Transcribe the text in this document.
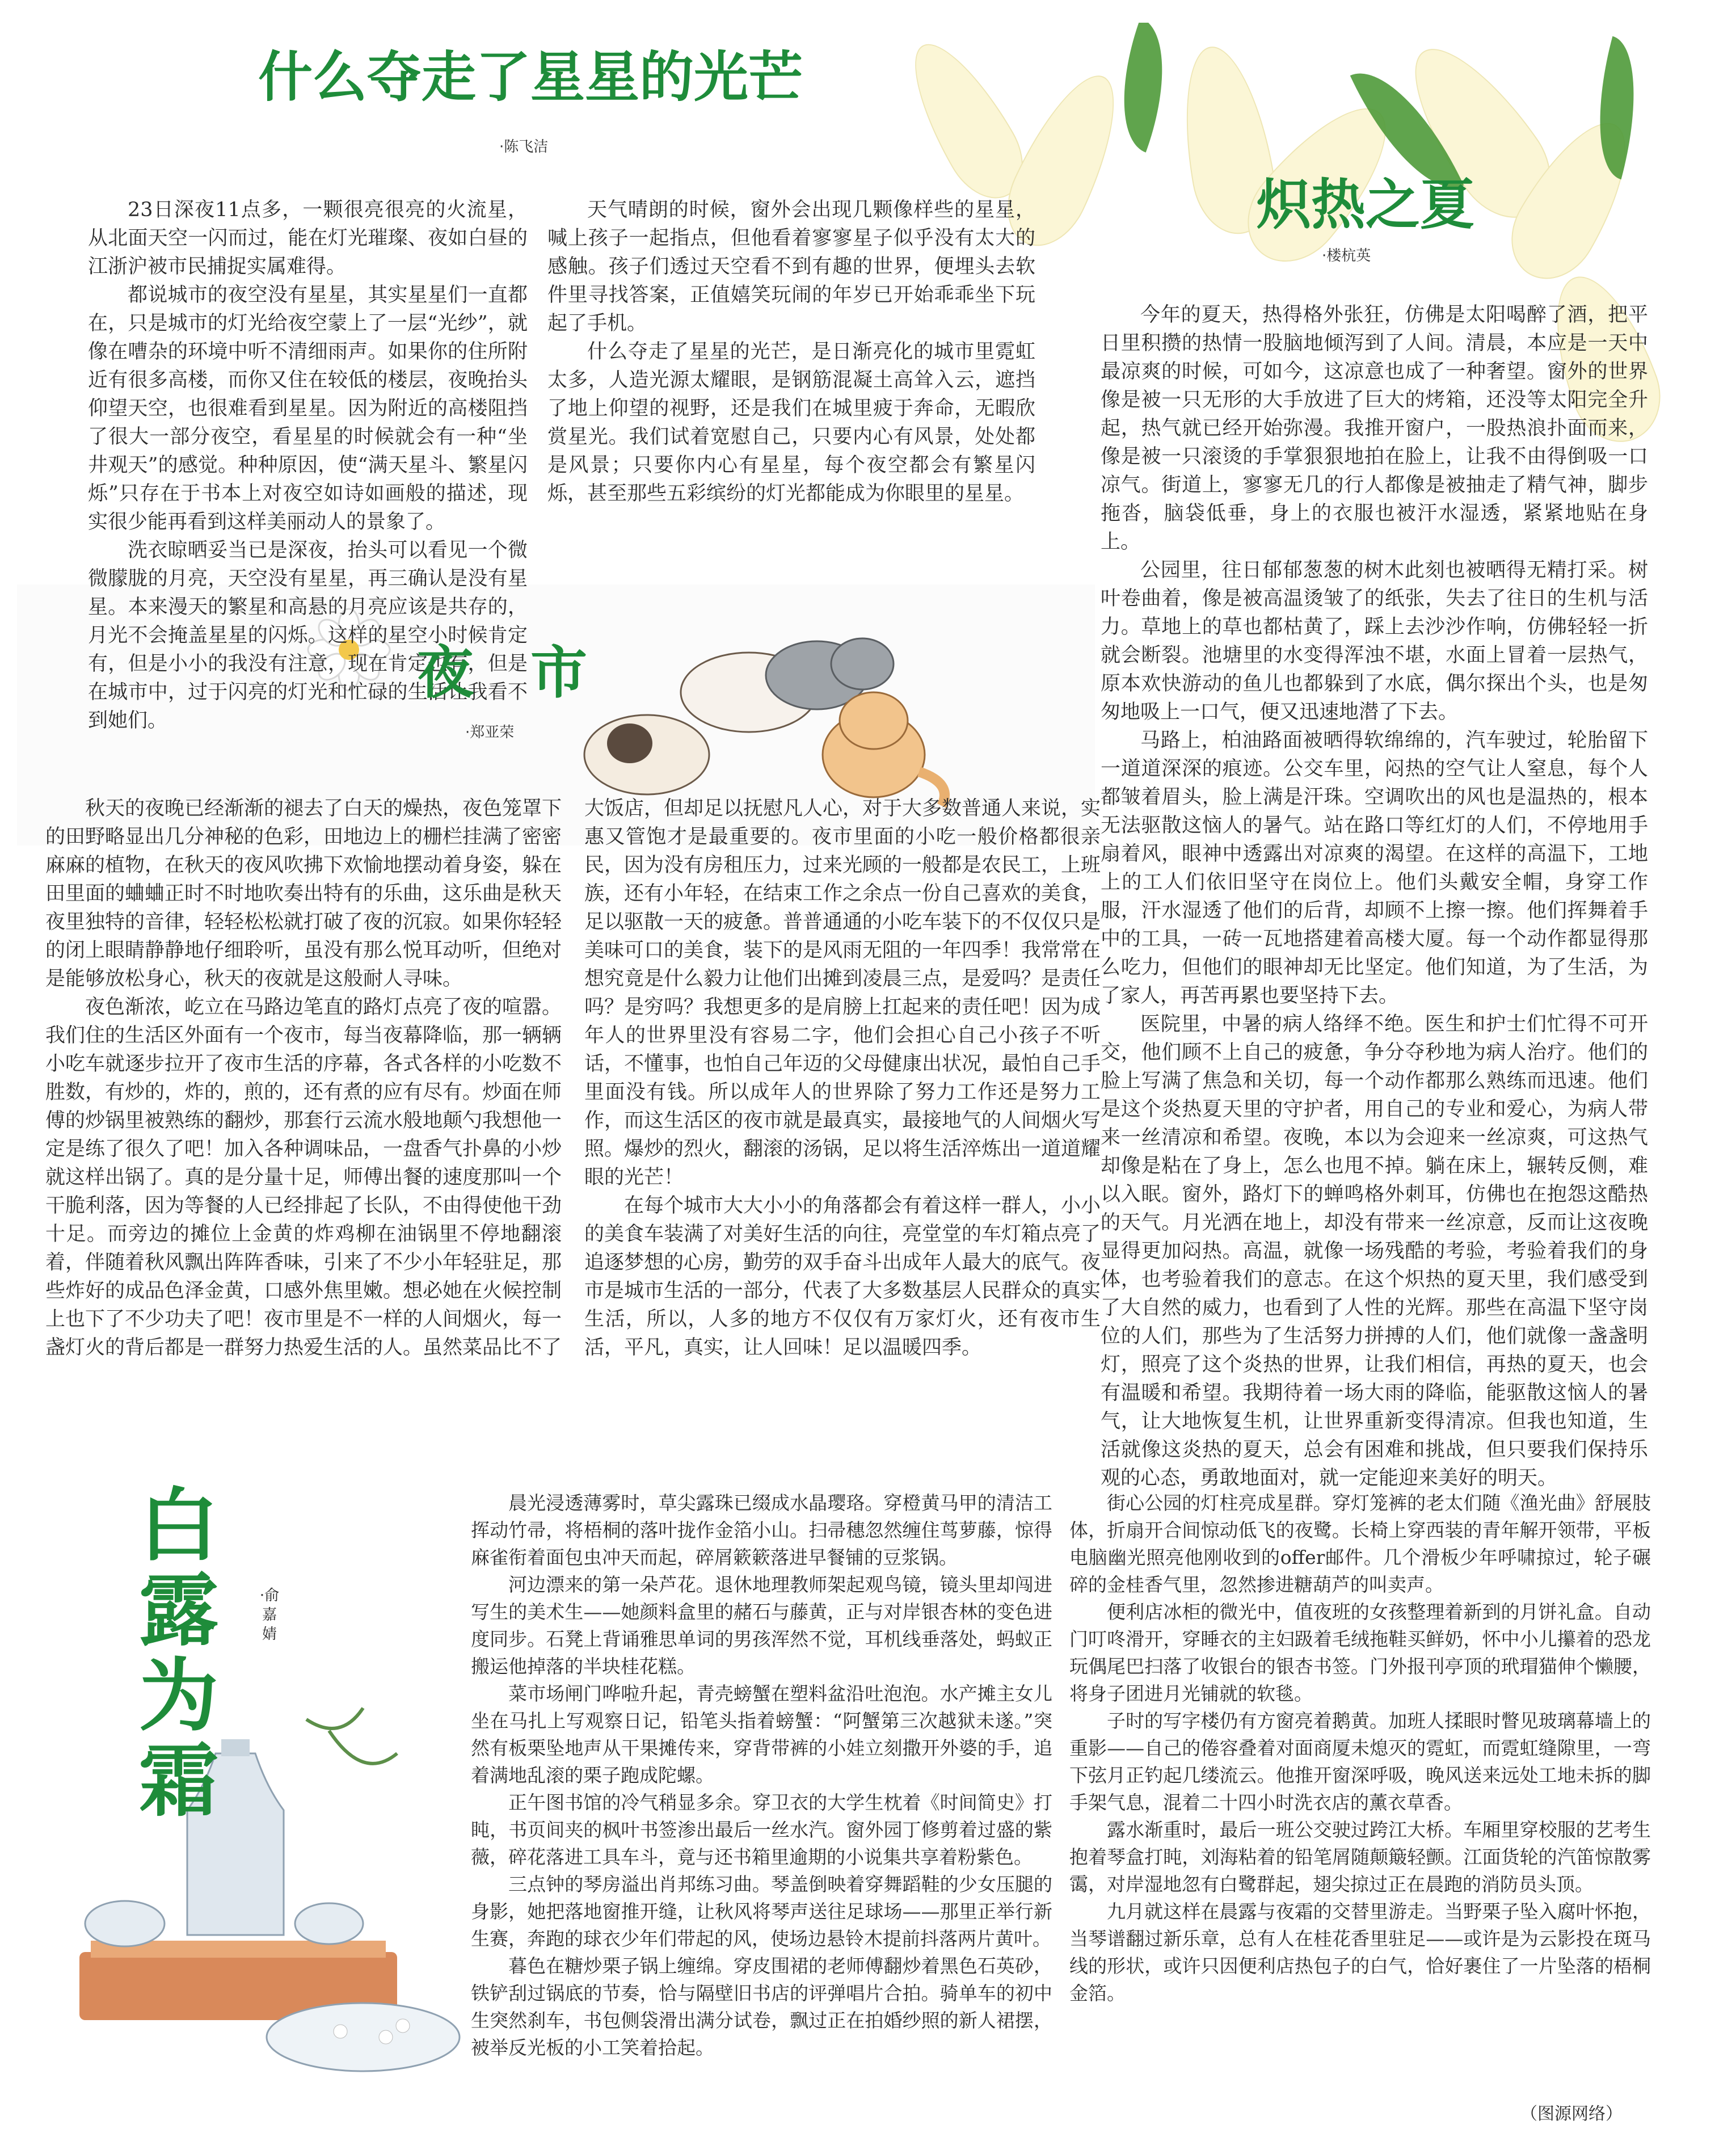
什么夺走了星星的光芒
·陈飞洁

23日深夜11点多，一颗很亮很亮的火流星，从北面天空一闪而过，能在灯光璀璨、夜如白昼的江浙沪被市民捕捉实属难得。

都说城市的夜空没有星星，其实星星们一直都在，只是城市的灯光给夜空蒙上了一层“光纱”，就像在嘈杂的环境中听不清细雨声。如果你的住所附近有很多高楼，而你又住在较低的楼层，夜晚抬头仰望天空，也很难看到星星。因为附近的高楼阻挡了很大一部分夜空，看星星的时候就会有一种“坐井观天”的感觉。种种原因，使“满天星斗、繁星闪烁”只存在于书本上对夜空如诗如画般的描述，现实很少能再看到这样美丽动人的景象了。

洗衣晾晒妥当已是深夜，抬头可以看见一个微微朦胧的月亮，天空没有星星，再三确认是没有星星。本来漫天的繁星和高悬的月亮应该是共存的，月光不会掩盖星星的闪烁。这样的星空小时候肯定有，但是小小的我没有注意，现在肯定也有，但是在城市中，过于闪亮的灯光和忙碌的生活让我看不到她们。

天气晴朗的时候，窗外会出现几颗像样些的星星，喊上孩子一起指点，但他看着寥寥星子似乎没有太大的感触。孩子们透过天空看不到有趣的世界，便埋头去软件里寻找答案，正值嬉笑玩闹的年岁已开始乖乖坐下玩起了手机。

什么夺走了星星的光芒，是日渐亮化的城市里霓虹太多，人造光源太耀眼，是钢筋混凝土高耸入云，遮挡了地上仰望的视野，还是我们在城里疲于奔命，无暇欣赏星光。我们试着宽慰自己，只要内心有风景，处处都是风景；只要你内心有星星，每个夜空都会有繁星闪烁，甚至那些五彩缤纷的灯光都能成为你眼里的星星。

炽热之夏
·楼杭英

今年的夏天，热得格外张狂，仿佛是太阳喝醉了酒，把平日里积攒的热情一股脑地倾泻到了人间。清晨，本应是一天中最凉爽的时候，可如今，这凉意也成了一种奢望。窗外的世界像是被一只无形的大手放进了巨大的烤箱，还没等太阳完全升起，热气就已经开始弥漫。我推开窗户，一股热浪扑面而来，像是被一只滚烫的手掌狠狠地拍在脸上，让我不由得倒吸一口凉气。街道上，寥寥无几的行人都像是被抽走了精气神，脚步拖沓，脑袋低垂，身上的衣服也被汗水湿透，紧紧地贴在身上。

公园里，往日郁郁葱葱的树木此刻也被晒得无精打采。树叶卷曲着，像是被高温烫皱了的纸张，失去了往日的生机与活力。草地上的草也都枯黄了，踩上去沙沙作响，仿佛轻轻一折就会断裂。池塘里的水变得浑浊不堪，水面上冒着一层热气，原本欢快游动的鱼儿也都躲到了水底，偶尔探出个头，也是匆匆地吸上一口气，便又迅速地潜了下去。

马路上，柏油路面被晒得软绵绵的，汽车驶过，轮胎留下一道道深深的痕迹。公交车里，闷热的空气让人窒息，每个人都皱着眉头，脸上满是汗珠。空调吹出的风也是温热的，根本无法驱散这恼人的暑气。站在路口等红灯的人们，不停地用手扇着风，眼神中透露出对凉爽的渴望。在这样的高温下，工地上的工人们依旧坚守在岗位上。他们头戴安全帽，身穿工作服，汗水湿透了他们的后背，却顾不上擦一擦。他们挥舞着手中的工具，一砖一瓦地搭建着高楼大厦。每一个动作都显得那么吃力，但他们的眼神却无比坚定。他们知道，为了生活，为了家人，再苦再累也要坚持下去。

医院里，中暑的病人络绎不绝。医生和护士们忙得不可开交，他们顾不上自己的疲惫，争分夺秒地为病人治疗。他们的脸上写满了焦急和关切，每一个动作都那么熟练而迅速。他们是这个炎热夏天里的守护者，用自己的专业和爱心，为病人带来一丝清凉和希望。夜晚，本以为会迎来一丝凉爽，可这热气却像是粘在了身上，怎么也甩不掉。躺在床上，辗转反侧，难以入眠。窗外，路灯下的蝉鸣格外刺耳，仿佛也在抱怨这酷热的天气。月光洒在地上，却没有带来一丝凉意，反而让这夜晚显得更加闷热。高温，就像一场残酷的考验，考验着我们的身体，也考验着我们的意志。在这个炽热的夏天里，我们感受到了大自然的威力，也看到了人性的光辉。那些在高温下坚守岗位的人们，那些为了生活努力拼搏的人们，他们就像一盏盏明灯，照亮了这个炎热的世界，让我们相信，再热的夏天，也会有温暖和希望。我期待着一场大雨的降临，能驱散这恼人的暑气，让大地恢复生机，让世界重新变得清凉。但我也知道，生活就像这炎热的夏天，总会有困难和挑战，但只要我们保持乐观的心态，勇敢地面对，就一定能迎来美好的明天。

夜　市
·郑亚荣

秋天的夜晚已经渐渐的褪去了白天的燥热，夜色笼罩下的田野略显出几分神秘的色彩，田地边上的栅栏挂满了密密麻麻的植物，在秋天的夜风吹拂下欢愉地摆动着身姿，躲在田里面的蛐蛐正时不时地吹奏出特有的乐曲，这乐曲是秋天夜里独特的音律，轻轻松松就打破了夜的沉寂。如果你轻轻的闭上眼睛静静地仔细聆听，虽没有那么悦耳动听，但绝对是能够放松身心，秋天的夜就是这般耐人寻味。

夜色渐浓，屹立在马路边笔直的路灯点亮了夜的喧嚣。我们住的生活区外面有一个夜市，每当夜幕降临，那一辆辆小吃车就逐步拉开了夜市生活的序幕，各式各样的小吃数不胜数，有炒的，炸的，煎的，还有煮的应有尽有。炒面在师傅的炒锅里被熟练的翻炒，那套行云流水般地颠勺我想他一定是练了很久了吧！加入各种调味品，一盘香气扑鼻的小炒就这样出锅了。真的是分量十足，师傅出餐的速度那叫一个干脆利落，因为等餐的人已经排起了长队，不由得使他干劲十足。而旁边的摊位上金黄的炸鸡柳在油锅里不停地翻滚着，伴随着秋风飘出阵阵香味，引来了不少小年轻驻足，那些炸好的成品色泽金黄，口感外焦里嫩。想必她在火候控制上也下了不少功夫了吧！夜市里是不一样的人间烟火，每一盏灯火的背后都是一群努力热爱生活的人。虽然菜品比不了大饭店，但却足以抚慰凡人心，对于大多数普通人来说，实惠又管饱才是最重要的。夜市里面的小吃一般价格都很亲民，因为没有房租压力，过来光顾的一般都是农民工，上班族，还有小年轻，在结束工作之余点一份自己喜欢的美食，足以驱散一天的疲惫。普普通通的小吃车装下的不仅仅只是美味可口的美食，装下的是风雨无阻的一年四季！我常常在想究竟是什么毅力让他们出摊到凌晨三点，是爱吗？是责任吗？是穷吗？我想更多的是肩膀上扛起来的责任吧！因为成年人的世界里没有容易二字，他们会担心自己小孩子不听话，不懂事，也怕自己年迈的父母健康出状况，最怕自己手里面没有钱。所以成年人的世界除了努力工作还是努力工作，而这生活区的夜市就是最真实，最接地气的人间烟火写照。爆炒的烈火，翻滚的汤锅，足以将生活淬炼出一道道耀眼的光芒！

在每个城市大大小小的角落都会有着这样一群人，小小的美食车装满了对美好生活的向往，亮堂堂的车灯箱点亮了追逐梦想的心房，勤劳的双手奋斗出成年人最大的底气。夜市是城市生活的一部分，代表了大多数基层人民群众的真实生活，所以，人多的地方不仅仅有万家灯火，还有夜市生活，平凡，真实，让人回味！足以温暖四季。

白露为霜
·俞嘉婧

晨光浸透薄雾时，草尖露珠已缀成水晶璎珞。穿橙黄马甲的清洁工挥动竹帚，将梧桐的落叶拢作金箔小山。扫帚穗忽然缠住茑萝藤，惊得麻雀衔着面包虫冲天而起，碎屑簌簌落进早餐铺的豆浆锅。

河边漂来的第一朵芦花。退休地理教师架起观鸟镜，镜头里却闯进写生的美术生——她颜料盒里的赭石与藤黄，正与对岸银杏林的变色进度同步。石凳上背诵雅思单词的男孩浑然不觉，耳机线垂落处，蚂蚁正搬运他掉落的半块桂花糕。

菜市场闸门哗啦升起，青壳螃蟹在塑料盆沿吐泡泡。水产摊主女儿坐在马扎上写观察日记，铅笔头指着螃蟹：“阿蟹第三次越狱未遂。”突然有板栗坠地声从干果摊传来，穿背带裤的小娃立刻撒开外婆的手，追着满地乱滚的栗子跑成陀螺。

正午图书馆的冷气稍显多余。穿卫衣的大学生枕着《时间简史》打盹，书页间夹的枫叶书签渗出最后一丝水汽。窗外园丁修剪着过盛的紫薇，碎花落进工具车斗，竟与还书箱里逾期的小说集共享着粉紫色。

三点钟的琴房溢出肖邦练习曲。琴盖倒映着穿舞蹈鞋的少女压腿的身影，她把落地窗推开缝，让秋风将琴声送往足球场——那里正举行新生赛，奔跑的球衣少年们带起的风，使场边悬铃木提前抖落两片黄叶。

暮色在糖炒栗子锅上缠绵。穿皮围裙的老师傅翻炒着黑色石英砂，铁铲刮过锅底的节奏，恰与隔壁旧书店的评弹唱片合拍。骑单车的初中生突然刹车，书包侧袋滑出满分试卷，飘过正在拍婚纱照的新人裙摆，被举反光板的小工笑着拾起。

街心公园的灯柱亮成星群。穿灯笼裤的老太们随《渔光曲》舒展肢体，折扇开合间惊动低飞的夜鹭。长椅上穿西装的青年解开领带，平板电脑幽光照亮他刚收到的offer邮件。几个滑板少年呼啸掠过，轮子碾碎的金桂香气里，忽然掺进糖葫芦的叫卖声。

便利店冰柜的微光中，值夜班的女孩整理着新到的月饼礼盒。自动门叮咚滑开，穿睡衣的主妇趿着毛绒拖鞋买鲜奶，怀中小儿攥着的恐龙玩偶尾巴扫落了收银台的银杏书签。门外报刊亭顶的玳瑁猫伸个懒腰，将身子团进月光铺就的软毯。

子时的写字楼仍有方窗亮着鹅黄。加班人揉眼时瞥见玻璃幕墙上的重影——自己的倦容叠着对面商厦未熄灭的霓虹，而霓虹缝隙里，一弯下弦月正钓起几缕流云。他推开窗深呼吸，晚风送来远处工地未拆的脚手架气息，混着二十四小时洗衣店的薰衣草香。

露水渐重时，最后一班公交驶过跨江大桥。车厢里穿校服的艺考生抱着琴盒打盹，刘海粘着的铅笔屑随颠簸轻颤。江面货轮的汽笛惊散雾霭，对岸湿地忽有白鹭群起，翅尖掠过正在晨跑的消防员头顶。

九月就这样在晨露与夜霜的交替里游走。当野栗子坠入腐叶怀抱，当琴谱翻过新乐章，总有人在桂花香里驻足——或许是为云影投在斑马线的形状，或许只因便利店热包子的白气，恰好裹住了一片坠落的梧桐金箔。

（图源网络）
